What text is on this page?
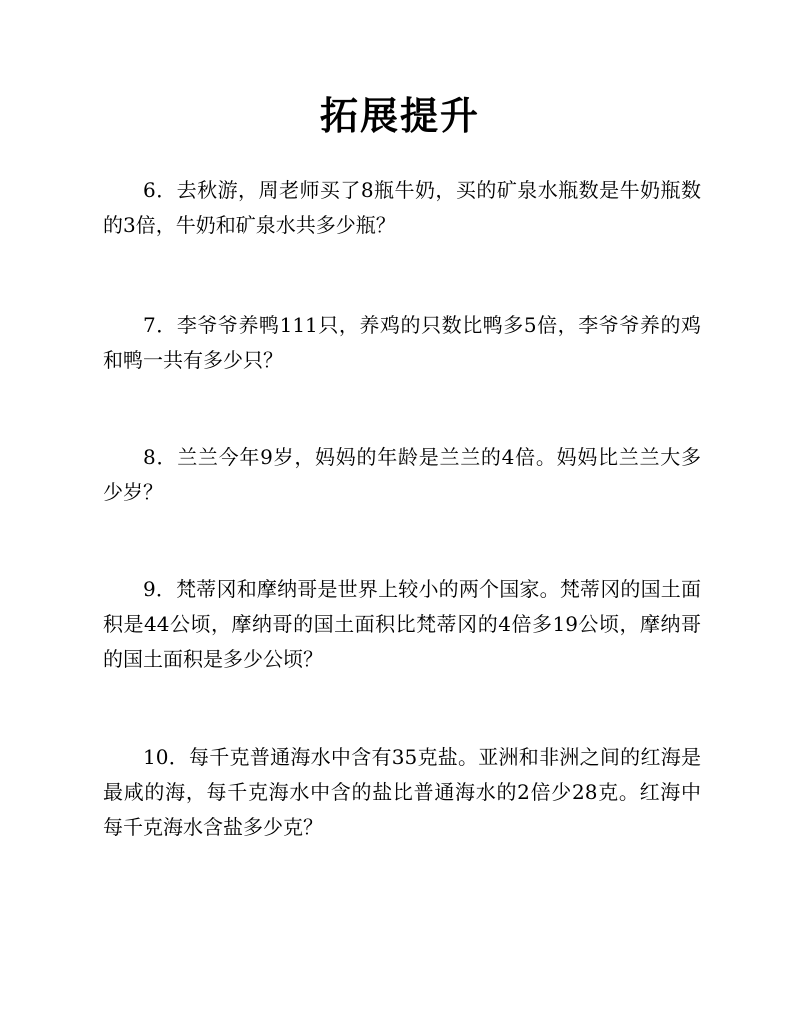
拓展提升

6．去秋游，周老师买了8瓶牛奶，买的矿泉水瓶数是牛奶瓶数的3倍，牛奶和矿泉水共多少瓶？

7．李爷爷养鸭111只，养鸡的只数比鸭多5倍，李爷爷养的鸡和鸭一共有多少只？

8．兰兰今年9岁，妈妈的年龄是兰兰的4倍。妈妈比兰兰大多少岁？

9．梵蒂冈和摩纳哥是世界上较小的两个国家。梵蒂冈的国土面积是44公顷，摩纳哥的国土面积比梵蒂冈的4倍多19公顷，摩纳哥的国土面积是多少公顷？

10．每千克普通海水中含有35克盐。亚洲和非洲之间的红海是最咸的海，每千克海水中含的盐比普通海水的2倍少28克。红海中每千克海水含盐多少克？
